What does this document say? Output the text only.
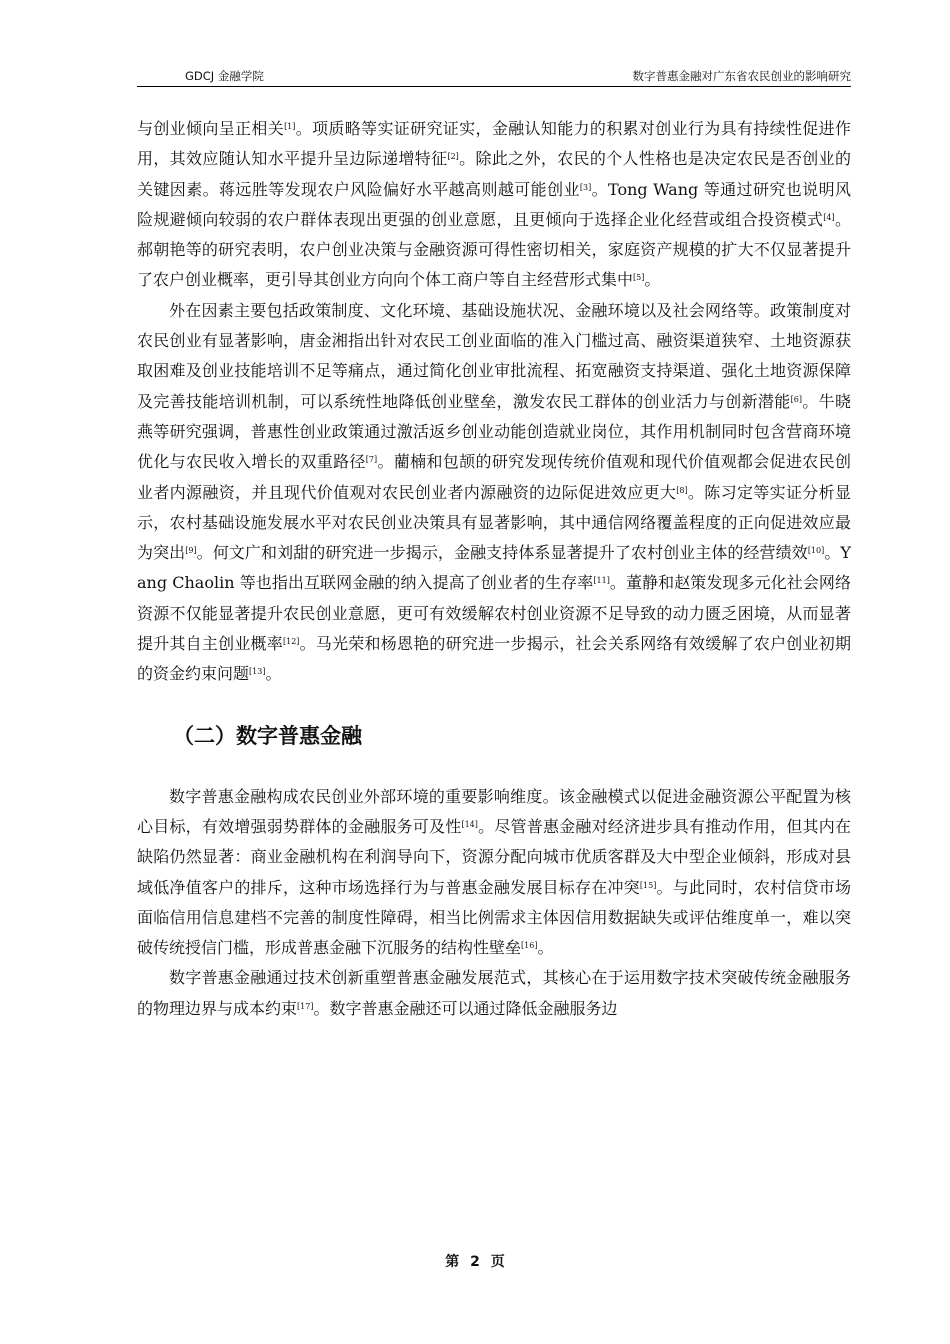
GDCJ 金融学院	数字普惠金融对广东省农民创业的影响研究

与创业倾向呈正相关[1]。项质略等实证研究证实，金融认知能力的积累对创业行为具有持续性促进作用，其效应随认知水平提升呈边际递增特征[2]。除此之外，农民的个人性格也是决定农民是否创业的关键因素。蒋远胜等发现农户风险偏好水平越高则越可能创业[3]。Tong Wang 等通过研究也说明风险规避倾向较弱的农户群体表现出更强的创业意愿，且更倾向于选择企业化经营或组合投资模式[4]。郝朝艳等的研究表明，农户创业决策与金融资源可得性密切相关，家庭资产规模的扩大不仅显著提升了农户创业概率，更引导其创业方向向个体工商户等自主经营形式集中[5]。

外在因素主要包括政策制度、文化环境、基础设施状况、金融环境以及社会网络等。政策制度对农民创业有显著影响，唐金湘指出针对农民工创业面临的准入门槛过高、融资渠道狭窄、土地资源获取困难及创业技能培训不足等痛点，通过简化创业审批流程、拓宽融资支持渠道、强化土地资源保障及完善技能培训机制，可以系统性地降低创业壁垒，激发农民工群体的创业活力与创新潜能[6]。牛晓燕等研究强调，普惠性创业政策通过激活返乡创业动能创造就业岗位，其作用机制同时包含营商环境优化与农民收入增长的双重路径[7]。藺楠和包颉的研究发现传统价值观和现代价值观都会促进农民创业者内源融资，并且现代价值观对农民创业者内源融资的边际促进效应更大[8]。陈习定等实证分析显示，农村基础设施发展水平对农民创业决策具有显著影响，其中通信网络覆盖程度的正向促进效应最为突出[9]。何文广和刘甜的研究进一步揭示，金融支持体系显著提升了农村创业主体的经营绩效[10]。Yang Chaolin 等也指出互联网金融的纳入提高了创业者的生存率[11]。董静和赵策发现多元化社会网络资源不仅能显著提升农民创业意愿，更可有效缓解农村创业资源不足导致的动力匮乏困境，从而显著提升其自主创业概率[12]。马光荣和杨恩艳的研究进一步揭示，社会关系网络有效缓解了农户创业初期的资金约束问题[13]。

（二）数字普惠金融

数字普惠金融构成农民创业外部环境的重要影响维度。该金融模式以促进金融资源公平配置为核心目标，有效增强弱势群体的金融服务可及性[14]。尽管普惠金融对经济进步具有推动作用，但其内在缺陷仍然显著：商业金融机构在利润导向下，资源分配向城市优质客群及大中型企业倾斜，形成对县域低净值客户的排斥，这种市场选择行为与普惠金融发展目标存在冲突[15]。与此同时，农村信贷市场面临信用信息建档不完善的制度性障碍，相当比例需求主体因信用数据缺失或评估维度单一，难以突破传统授信门槛，形成普惠金融下沉服务的结构性壁垒[16]。

数字普惠金融通过技术创新重塑普惠金融发展范式，其核心在于运用数字技术突破传统金融服务的物理边界与成本约束[17]。数字普惠金融还可以通过降低金融服务边

第 2 页
